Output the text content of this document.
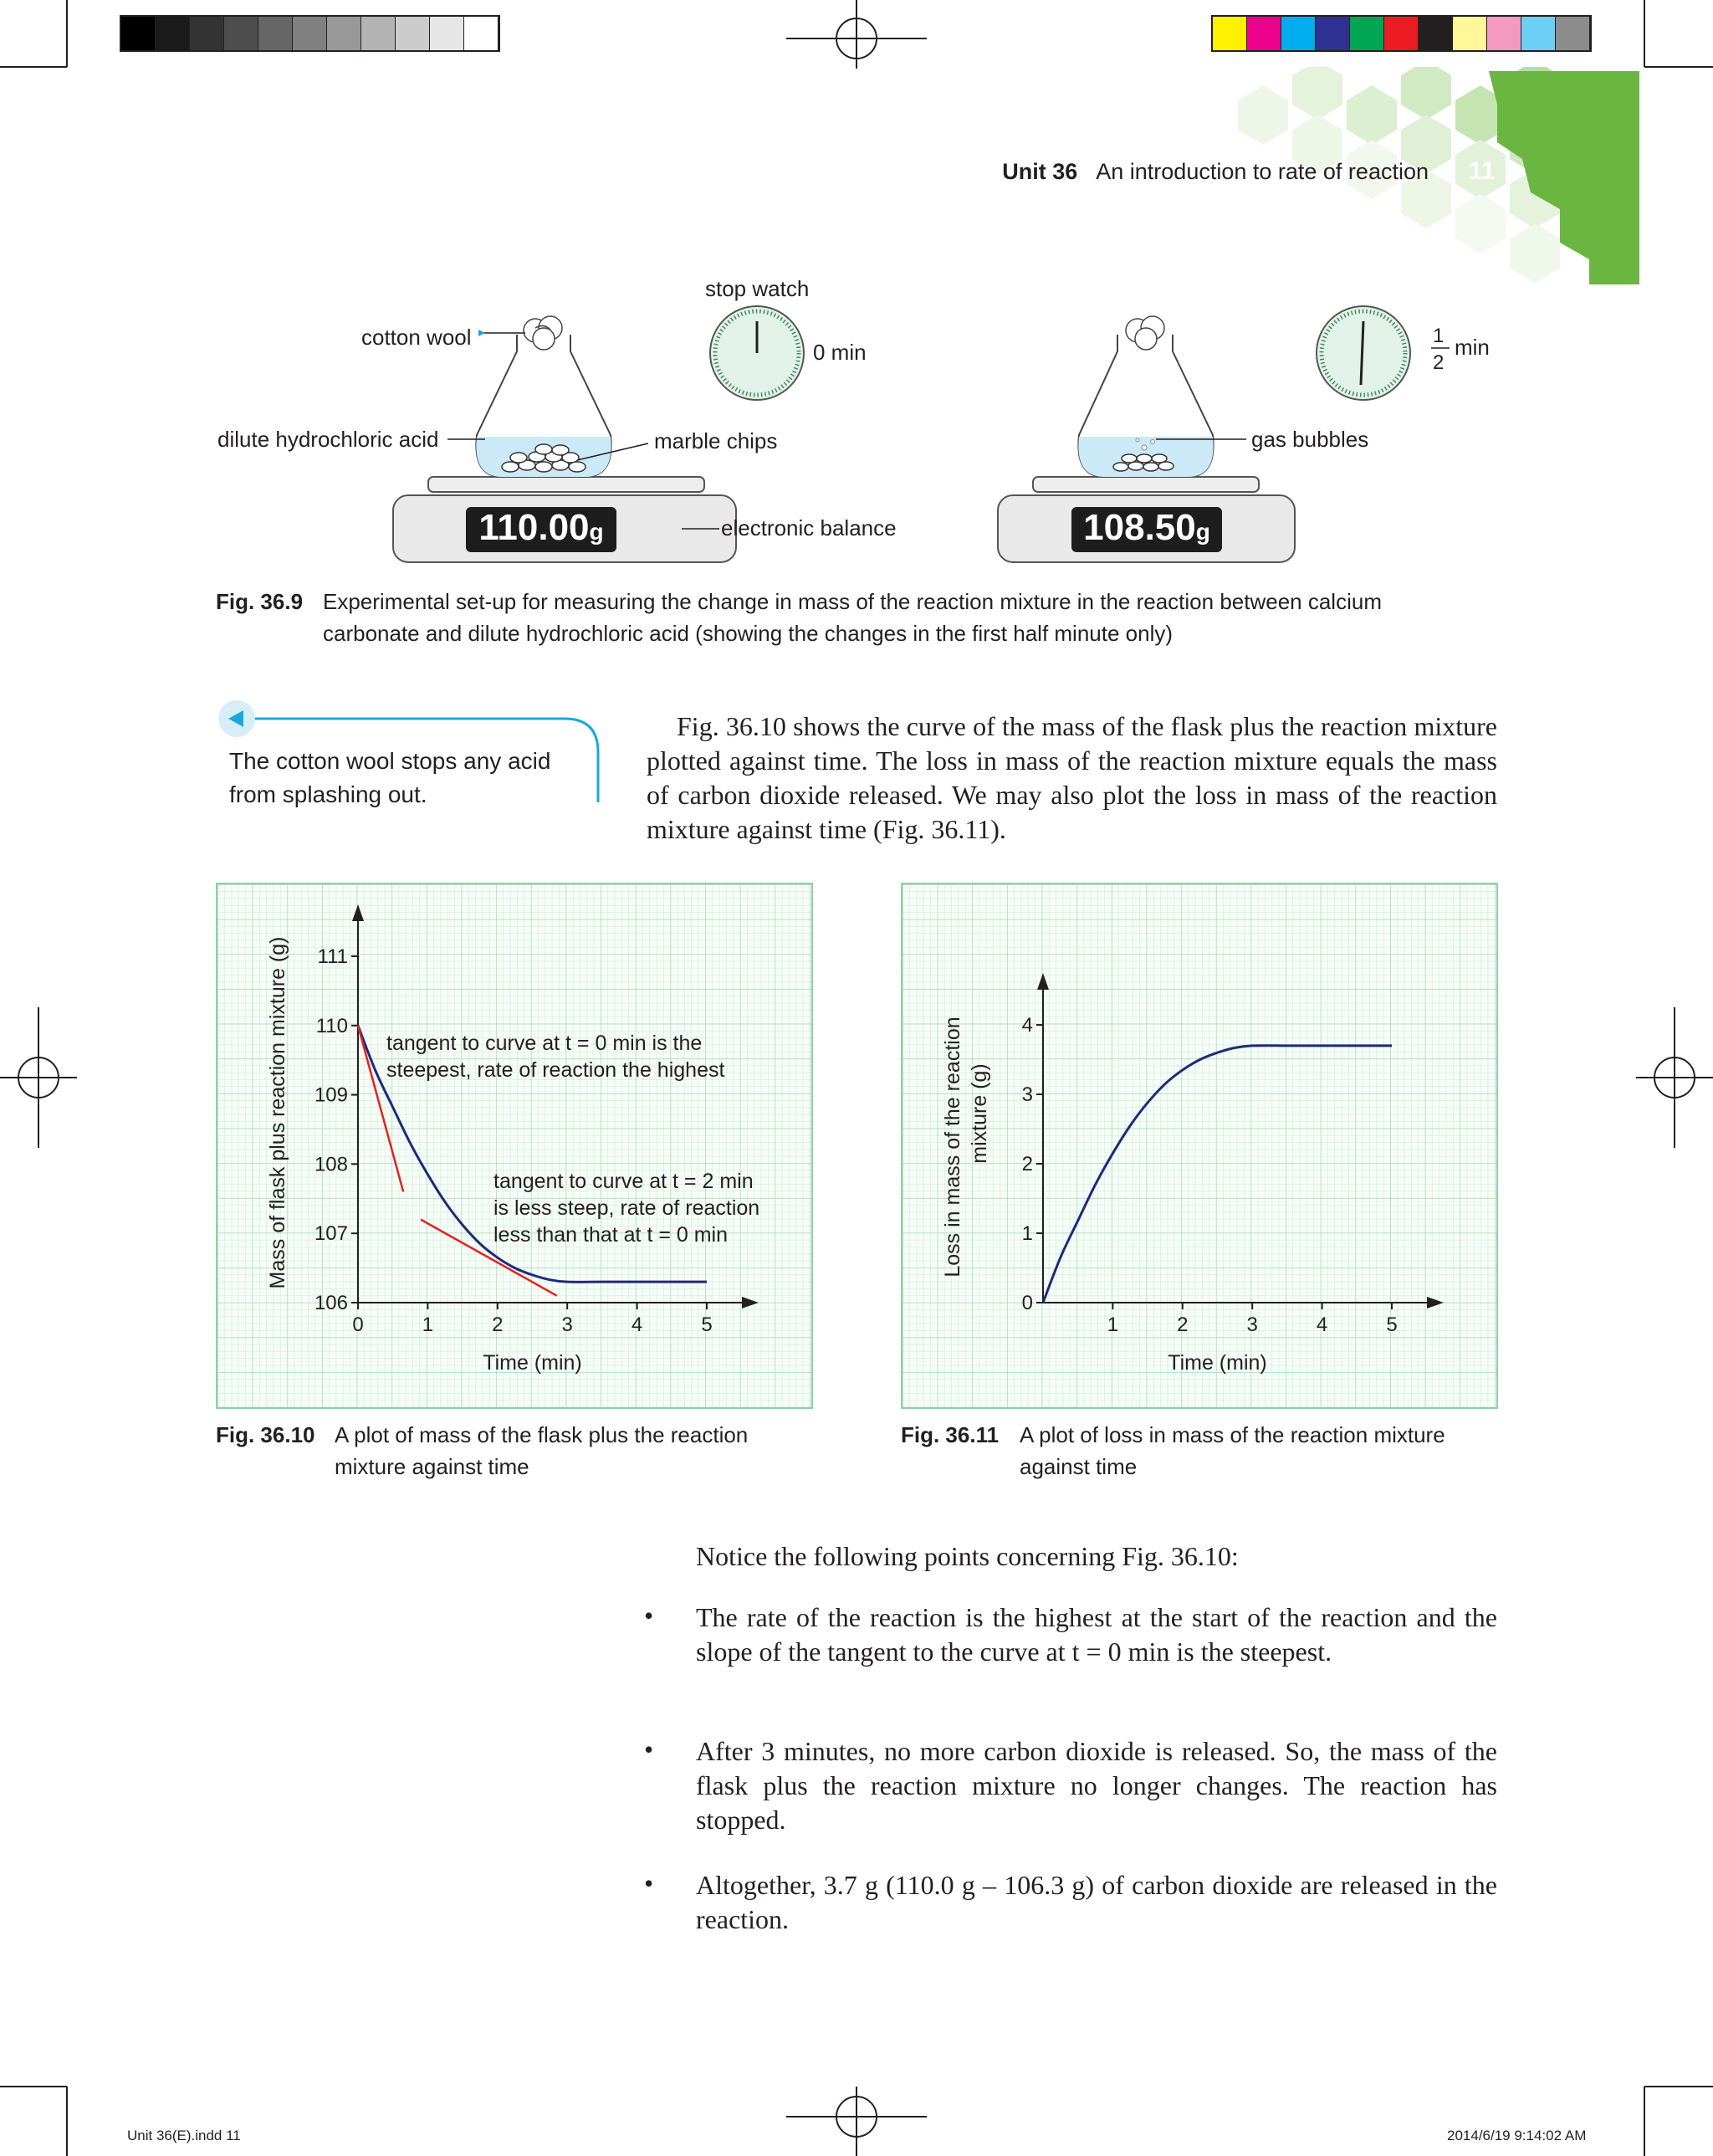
Unit 36 An introduction to rate of reaction 11
stop watch
0 min
cotton wool
dilute hydrochloric acid	marble chips
electronic balance
gas bubbles
1
2
min
110.00 g	108.50 g
Fig. 36.9 Experimental set-up for measuring the change in mass of the reaction mixture in the reaction between calcium carbonate and dilute hydrochloric acid (showing the changes in the first half minute only)
The cotton wool stops any acid from splashing out.
Fig. 36.10 shows the curve of the mass of the flask plus the reaction mixture plotted against time. The loss in mass of the reaction mixture equals the mass of carbon dioxide released. We may also plot the loss in mass of the reaction mixture against time (Fig. 36.11).
0	1	2	3	4	5
106
107
108
109
110
111
Time (min)
Mass of flask plus reaction mixture (g)	tangent to curve at t = 0 min is the
steepest, rate of reaction the highest
tangent to curve at t = 2 min
is less steep, rate of reaction
less than that at t = 0 min
Fig. 36.10 A plot of mass of the flask plus the reaction mixture against time
1	2	3	4	5
0
1
2
3
4
Time (min)
Loss in mass of the reaction mixture (g)
Fig. 36.11 A plot of loss in mass of the reaction mixture against time
Notice the following points concerning Fig. 36.10:
• The rate of the reaction is the highest at the start of the reaction and the slope of the tangent to the curve at t = 0 min is the steepest.
• After 3 minutes, no more carbon dioxide is released. So, the mass of the flask plus the reaction mixture no longer changes. The reaction has stopped.
• Altogether, 3.7 g (110.0 g – 106.3 g) of carbon dioxide are released in the reaction.
Unit 36(E).indd 11	2014/6/19 9:14:02 AM
